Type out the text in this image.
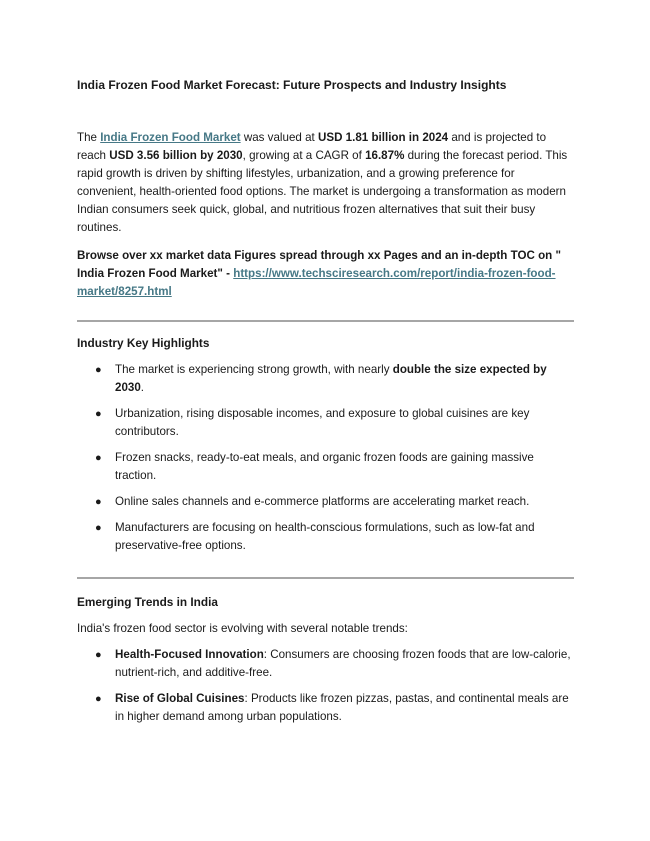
India Frozen Food Market Forecast: Future Prospects and Industry Insights

The India Frozen Food Market was valued at USD 1.81 billion in 2024 and is projected to reach USD 3.56 billion by 2030, growing at a CAGR of 16.87% during the forecast period. This rapid growth is driven by shifting lifestyles, urbanization, and a growing preference for convenient, health-oriented food options. The market is undergoing a transformation as modern Indian consumers seek quick, global, and nutritious frozen alternatives that suit their busy routines.

Browse over xx market data Figures spread through xx Pages and an in-depth TOC on " India Frozen Food Market" - https://www.techsciresearch.com/report/india-frozen-food-market/8257.html

Industry Key Highlights
● The market is experiencing strong growth, with nearly double the size expected by 2030.
● Urbanization, rising disposable incomes, and exposure to global cuisines are key contributors.
● Frozen snacks, ready-to-eat meals, and organic frozen foods are gaining massive traction.
● Online sales channels and e-commerce platforms are accelerating market reach.
● Manufacturers are focusing on health-conscious formulations, such as low-fat and preservative-free options.
Emerging Trends in India
India's frozen food sector is evolving with several notable trends:
● Health-Focused Innovation: Consumers are choosing frozen foods that are low-calorie, nutrient-rich, and additive-free.
● Rise of Global Cuisines: Products like frozen pizzas, pastas, and continental meals are in higher demand among urban populations.
